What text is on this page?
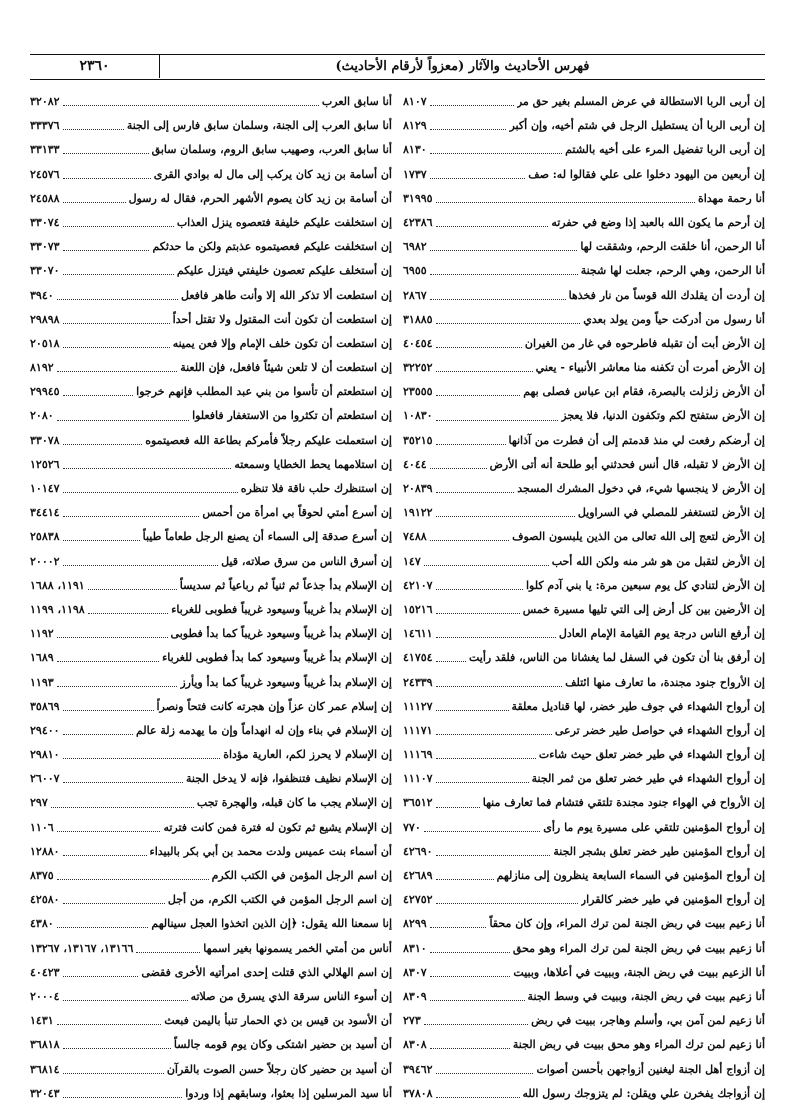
٢٣٦٠	فهرس الأحاديث والآثار (معزواً لأرقام الأحاديث)
إن أربى الربا الاستطالة في عرض المسلم بغير حق مر
٨١٠٧
إن أربى الربا أن يستطيل الرجل في شتم أخيه، وإن أكبر
٨١٢٩
إن أربى الربا تفضيل المرء على أخيه بالشتم
٨١٣٠
إن أربعين من اليهود دخلوا على علي فقالوا له: صف
١٧٣٧
أنا رحمة مهداة
٣١٩٩٥
إن أرحم ما يكون الله بالعبد إذا وضع في حفرته
٤٢٣٨٦
أنا الرحمن، أنا خلقت الرحم، وشققت لها
٦٩٨٢
أنا الرحمن، وهي الرحم، جعلت لها شجنة
٦٩٥٥
إن أردت أن يقلدك الله قوساً من نار فخذها
٢٨٦٧
أنا رسول من أدركت حياً ومن يولد بعدي
٣١٨٨٥
إن الأرض أبت أن تقبله فاطرحوه في غار من الغيران
٤٠٤٥٤
إن الأرض أمرت أن تكفنه منا معاشر الأنبياء - يعني
٣٢٢٥٢
أن الأرض زلزلت بالبصرة، فقام ابن عباس فصلى بهم
٢٣٥٥٥
إن الأرض ستفتح لكم وتكفون الدنيا، فلا يعجز
١٠٨٣٠
إن أرضكم رفعت لي منذ قدمتم إلى أن فطرت من آذانها
٣٥٢١٥
إن الأرض لا تقبله، قال أنس فحدثني أبو طلحة أنه أتى الأرض
٤٠٤٤
إن الأرض لا ينجسها شيء، في دخول المشرك المسجد
٢٠٨٣٩
إن الأرض لتستغفر للمصلي في السراويل
١٩١٢٢
إن الأرض لتعج إلى الله تعالى من الذين يلبسون الصوف
٧٤٨٨
إن الأرض لتقبل من هو شر منه ولكن الله أحب
١٤٧
إن الأرض لتنادي كل يوم سبعين مرة: يا بني آدم كلوا
٤٢١٠٧
إن الأرضين بين كل أرض إلى التي تليها مسيرة خمس
١٥٢١٦
إن أرفع الناس درجة يوم القيامة الإمام العادل
١٤٦١١
إن أرفق بنا أن تكون في السفل لما يغشانا من الناس، فلقد رأيت
٤١٧٥٤
إن الأرواح جنود مجندة، ما تعارف منها ائتلف
٢٤٣٣٩
إن أرواح الشهداء في جوف طير خضر، لها قناديل معلقة
١١١٢٧
إن أرواح الشهداء في حواصل طير خضر ترعى
١١١٧١
إن أرواح الشهداء في طير خضر تعلق حيث شاءت
١١١٦٩
إن أرواح الشهداء في طير خضر تعلق من ثمر الجنة
١١١٠٧
إن الأرواح في الهواء جنود مجندة تلتقي فتشام فما تعارف منها
٣٦٥١٢
إن أرواح المؤمنين تلتقي على مسيرة يوم ما رأى
٧٧٠
إن أرواح المؤمنين طير خضر تعلق بشجر الجنة
٤٢٦٩٠
إن أرواح المؤمنين في السماء السابعة ينظرون إلى منازلهم
٤٢٦٨٩
إن أرواح المؤمنين في طير خضر كالقرار
٤٢٧٥٢
أنا زعيم ببيت في ربض الجنة لمن ترك المراء، وإن كان محقاً
٨٢٩٩
أنا زعيم ببيت في ربض الجنة لمن ترك المراء وهو محق
٨٣١٠
أنا الزعيم ببيت في ربض الجنة، وببيت في أعلاها، وببيت
٨٣٠٧
أنا زعيم ببيت في ربض الجنة، وببيت في وسط الجنة
٨٣٠٩
أنا زعيم لمن آمن بي، وأسلم وهاجر، ببيت في ربض
٢٧٣
أنا زعيم لمن ترك المراء وهو محق ببيت في ربض الجنة
٨٣٠٨
إن أزواج أهل الجنة ليغنين أزواجهن بأحسن أصوات
٣٩٤٦٢
إن أزواجك يفخرن علي ويقلن: لم يتزوجك رسول الله
٣٧٨٠٨
أنا سابق العرب
٣٢٠٨٢
أنا سابق العرب إلى الجنة، وسلمان سابق فارس إلى الجنة
٣٣٣٧٦
أنا سابق العرب، وصهيب سابق الروم، وسلمان سابق
٣٣١٣٣
أن أسامة بن زيد كان يركب إلى مال له بوادي القرى
٢٤٥٧٦
أن أسامة بن زيد كان يصوم الأشهر الحرم، فقال له رسول
٢٤٥٨٨
إن استخلفت عليكم خليفة فتعصوه ينزل العذاب
٣٣٠٧٤
إن استخلفت عليكم فعصيتموه عذبتم ولكن ما حدثكم
٣٣٠٧٣
إن أستخلف عليكم تعصون خليفتي فيتزل عليكم
٣٣٠٧٠
إن استطعت ألا تذكر الله إلا وأنت طاهر فافعل
٣٩٤٠
إن استطعت أن تكون أنت المقتول ولا تقتل أحداً
٢٩٨٩٨
إن استطعت أن تكون خلف الإمام وإلا فعن يمينه
٢٠٥١٨
إن استطعت أن لا تلعن شيئاً فافعل، فإن اللعنة
٨١٩٢
إن استطعتم أن تأسوا من بني عبد المطلب فإنهم خرجوا
٢٩٩٤٥
إن استطعتم أن تكثروا من الاستغفار فافعلوا
٢٠٨٠
إن استعملت عليكم رجلاً فأمركم بطاعة الله فعصيتموه
٣٣٠٧٨
إن استلامهما يحط الخطايا وسمعته
١٢٥٢٦
إن استنظرك حلب ناقة فلا تنظره
١٠١٤٧
إن أسرع أمتي لحوقاً بي امرأة من أحمس
٣٤٤١٤
إن أسرع صدقة إلى السماء أن يصنع الرجل طعاماً طيباً
٢٥٨٣٨
إن أسرق الناس من سرق صلاته، قيل
٢٠٠٠٢
إن الإسلام بدأ جذعاً ثم ثنياً ثم رباعياً ثم سديساً
١١٩١، ١٦٨٨
إن الإسلام بدأ غريباً وسيعود غريباً فطوبى للغرباء
١١٩٨، ١١٩٩
إن الإسلام بدأ غريباً وسيعود غريباً كما بدأ فطوبى
١١٩٢
إن الإسلام بدأ غريباً وسيعود كما بدأ فطوبى للغرباء
١٦٨٩
إن الإسلام بدأ غريباً وسيعود غريباً كما بدأ ويأرز
١١٩٣
إن إسلام عمر كان عزاً وإن هجرته كانت فتحاً ونصراً
٣٥٨٦٩
إن الإسلام في بناء وإن له انهداماً وإن ما يهدمه زلة عالم
٢٩٤٠٠
إن الإسلام لا يحرز لكم، العارية مؤداة
٢٩٨١٠
إن الإسلام نظيف فتنظفوا، فإنه لا يدخل الجنة
٢٦٠٠٧
إن الإسلام يجب ما كان قبله، والهجرة تجب
٢٩٧
إن الإسلام يشيع ثم تكون له فترة فمن كانت فترته
١١٠٦
أن أسماء بنت عميس ولدت محمد بن أبي بكر بالبيداء
١٢٨٨٠
إن اسم الرجل المؤمن في الكتب الكرم
٨٣٧٥
إن اسم الرجل المؤمن في الكتب الكرم، من أجل
٤٢٥٨٠
إنا سمعنا الله يقول: ﴿إن الذين اتخذوا العجل سينالهم
٤٣٨٠
أناس من أمتي الخمر يسمونها بغير اسمها
١٣١٦٦، ١٣١٦٧، ١٣٢٦٧
إن اسم الهلالي الذي قتلت إحدى امرأتيه الأخرى فقضى
٤٠٤٢٣
إن أسوء الناس سرقة الذي يسرق من صلاته
٢٠٠٠٤
أن الأسود بن قيس بن ذي الحمار تنبأ باليمن فبعث
١٤٣١
أن أسيد بن حضير اشتكى وكان يوم قومه جالساً
٣٦٨١٨
أن أسيد بن حضير كان رجلاً حسن الصوت بالقرآن
٣٦٨١٤
أنا سيد المرسلين إذا بعثوا، وسابقهم إذا وردوا
٣٢٠٤٣
